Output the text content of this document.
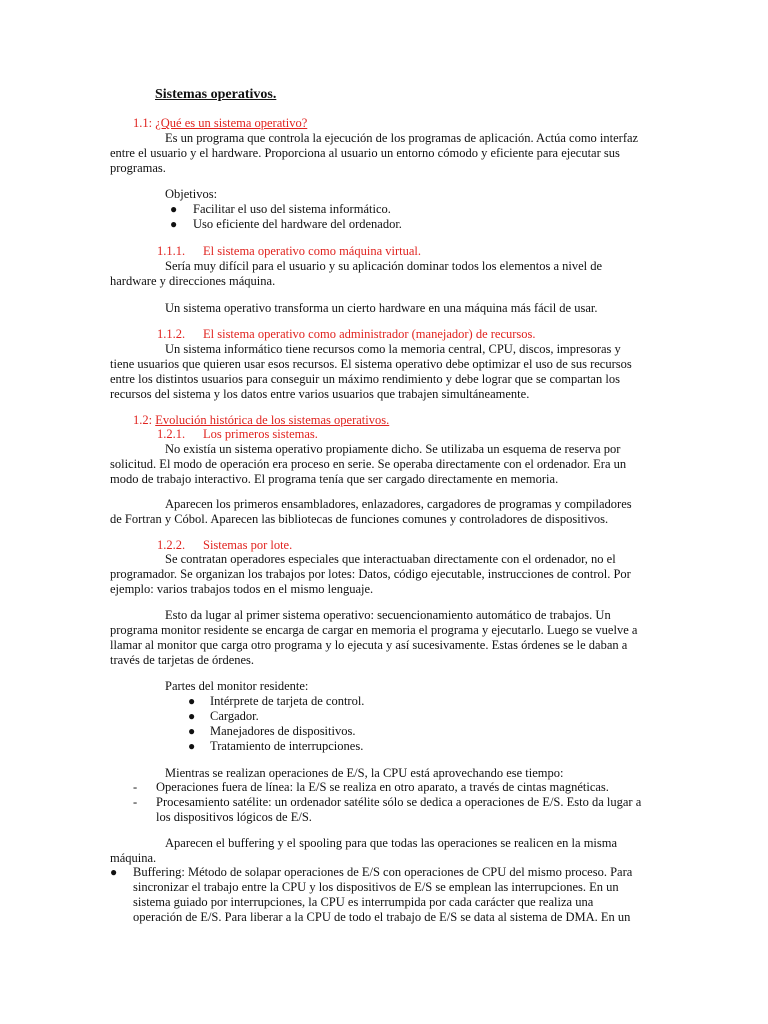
Sistemas operativos.
1.1: ¿Qué es un sistema operativo?
Es un programa que controla la ejecución de los programas de aplicación. Actúa como interfaz
entre el usuario y el hardware. Proporciona al usuario un entorno cómodo y eficiente para ejecutar sus
programas.
Objetivos:
● Facilitar el uso del sistema informático.
● Uso eficiente del hardware del ordenador.
1.1.1. El sistema operativo como máquina virtual.
Sería muy difícil para el usuario y su aplicación dominar todos los elementos a nivel de
hardware y direcciones máquina.
Un sistema operativo transforma un cierto hardware en una máquina más fácil de usar.
1.1.2. El sistema operativo como administrador (manejador) de recursos.
Un sistema informático tiene recursos como la memoria central, CPU, discos, impresoras y
tiene usuarios que quieren usar esos recursos. El sistema operativo debe optimizar el uso de sus recursos
entre los distintos usuarios para conseguir un máximo rendimiento y debe lograr que se compartan los
recursos del sistema y los datos entre varios usuarios que trabajen simultáneamente.
1.2: Evolución histórica de los sistemas operativos.
1.2.1. Los primeros sistemas.
No existía un sistema operativo propiamente dicho. Se utilizaba un esquema de reserva por
solicitud. El modo de operación era proceso en serie. Se operaba directamente con el ordenador. Era un
modo de trabajo interactivo. El programa tenía que ser cargado directamente en memoria.
Aparecen los primeros ensambladores, enlazadores, cargadores de programas y compiladores
de Fortran y Cóbol. Aparecen las bibliotecas de funciones comunes y controladores de dispositivos.
1.2.2. Sistemas por lote.
Se contratan operadores especiales que interactuaban directamente con el ordenador, no el
programador. Se organizan los trabajos por lotes: Datos, código ejecutable, instrucciones de control. Por
ejemplo: varios trabajos todos en el mismo lenguaje.
Esto da lugar al primer sistema operativo: secuencionamiento automático de trabajos. Un
programa monitor residente se encarga de cargar en memoria el programa y ejecutarlo. Luego se vuelve a
llamar al monitor que carga otro programa y lo ejecuta y así sucesivamente. Estas órdenes se le daban a
través de tarjetas de órdenes.
Partes del monitor residente:
● Intérprete de tarjeta de control.
● Cargador.
● Manejadores de dispositivos.
● Tratamiento de interrupciones.
Mientras se realizan operaciones de E/S, la CPU está aprovechando ese tiempo:
- Operaciones fuera de línea: la E/S se realiza en otro aparato, a través de cintas magnéticas.
- Procesamiento satélite: un ordenador satélite sólo se dedica a operaciones de E/S. Esto da lugar a
los dispositivos lógicos de E/S.
Aparecen el buffering y el spooling para que todas las operaciones se realicen en la misma
máquina.
● Buffering: Método de solapar operaciones de E/S con operaciones de CPU del mismo proceso. Para
sincronizar el trabajo entre la CPU y los dispositivos de E/S se emplean las interrupciones. En un
sistema guiado por interrupciones, la CPU es interrumpida por cada carácter que realiza una
operación de E/S. Para liberar a la CPU de todo el trabajo de E/S se data al sistema de DMA. En un
